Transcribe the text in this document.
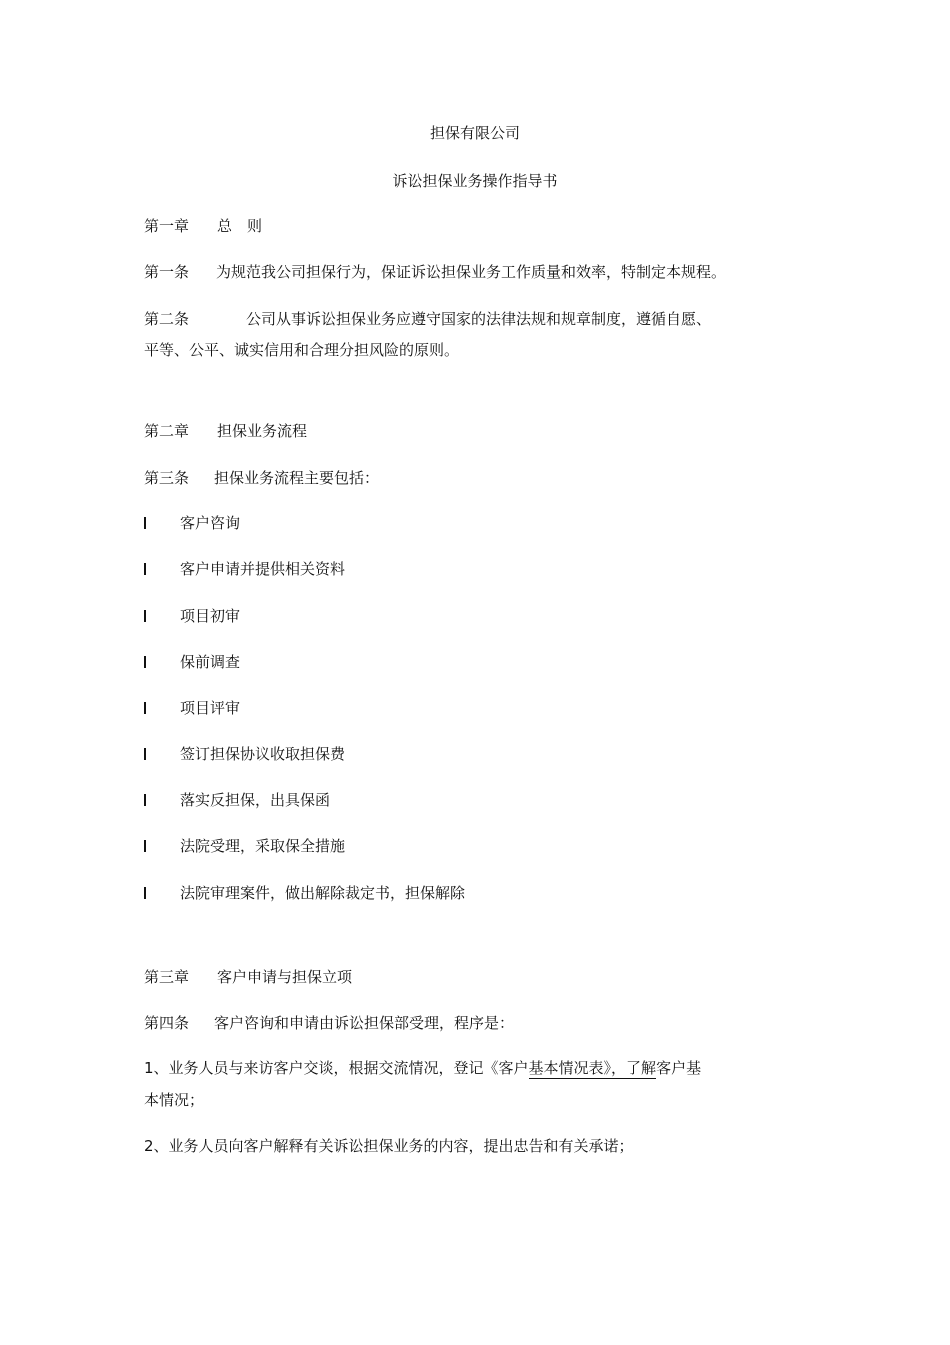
担保有限公司
诉讼担保业务操作指导书
第一章 总　则
第一条 为规范我公司担保行为，保证诉讼担保业务工作质量和效率，特制定本规程。
第二条	公司从事诉讼担保业务应遵守国家的法律法规和规章制度，遵循自愿、
平等、公平、诚实信用和合理分担风险的原则。
第二章 担保业务流程
第三条 担保业务流程主要包括：
客户咨询
客户申请并提供相关资料
项目初审
保前调查
项目评审
签订担保协议收取担保费
落实反担保，出具保函
法院受理，采取保全措施
法院审理案件，做出解除裁定书，担保解除
第三章 客户申请与担保立项
第四条 客户咨询和申请由诉讼担保部受理，程序是：
1、业务人员与来访客户交谈，根据交流情况，登记《客户基本情况表》，了解客户基
本情况；
2、业务人员向客户解释有关诉讼担保业务的内容，提出忠告和有关承诺；
